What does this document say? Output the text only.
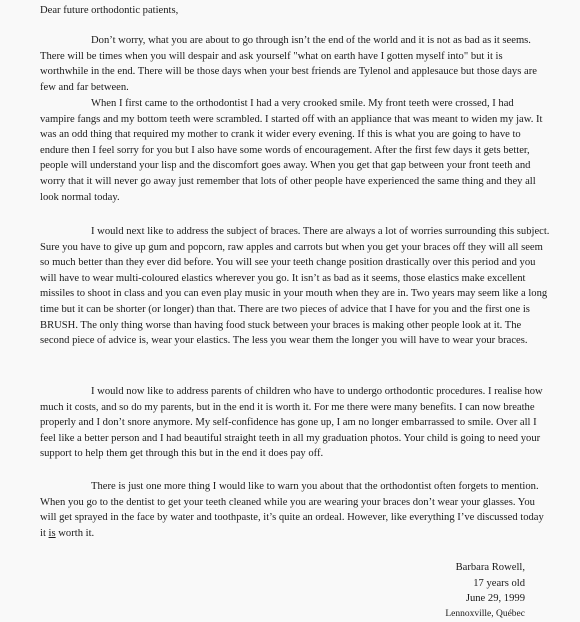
Dear future orthodontic patients,

Don’t worry, what you are about to go through isn’t the end of the world and it is not as bad as it seems. There will be times when you will despair and ask yourself "what on earth have I gotten myself into" but it is worthwhile in the end. There will be those days when your best friends are Tylenol and applesauce but those days are few and far between.

When I first came to the orthodontist I had a very crooked smile. My front teeth were crossed, I had vampire fangs and my bottom teeth were scrambled. I started off with an appliance that was meant to widen my jaw. It was an odd thing that required my mother to crank it wider every evening. If this is what you are going to have to endure then I feel sorry for you but I also have some words of encouragement. After the first few days it gets better, people will understand your lisp and the discomfort goes away. When you get that gap between your front teeth and worry that it will never go away just remember that lots of other people have experienced the same thing and they all look normal today.

I would next like to address the subject of braces. There are always a lot of worries surrounding this subject. Sure you have to give up gum and popcorn, raw apples and carrots but when you get your braces off they will all seem so much better than they ever did before. You will see your teeth change position drastically over this period and you will have to wear multi-coloured elastics wherever you go. It isn’t as bad as it seems, those elastics make excellent missiles to shoot in class and you can even play music in your mouth when they are in. Two years may seem like a long time but it can be shorter (or longer) than that. There are two pieces of advice that I have for you and the first one is BRUSH. The only thing worse than having food stuck between your braces is making other people look at it. The second piece of advice is, wear your elastics. The less you wear them the longer you will have to wear your braces.

I would now like to address parents of children who have to undergo orthodontic procedures. I realise how much it costs, and so do my parents, but in the end it is worth it. For me there were many benefits. I can now breathe properly and I don’t snore anymore. My self-confidence has gone up, I am no longer embarrassed to smile. Over all I feel like a better person and I had beautiful straight teeth in all my graduation photos. Your child is going to need your support to help them get through this but in the end it does pay off.

There is just one more thing I would like to warn you about that the orthodontist often forgets to mention. When you go to the dentist to get your teeth cleaned while you are wearing your braces don’t wear your glasses. You will get sprayed in the face by water and toothpaste, it’s quite an ordeal. However, like everything I’ve discussed today it is worth it.

Barbara Rowell,
17 years old
June 29, 1999
Lennoxville, Québec
